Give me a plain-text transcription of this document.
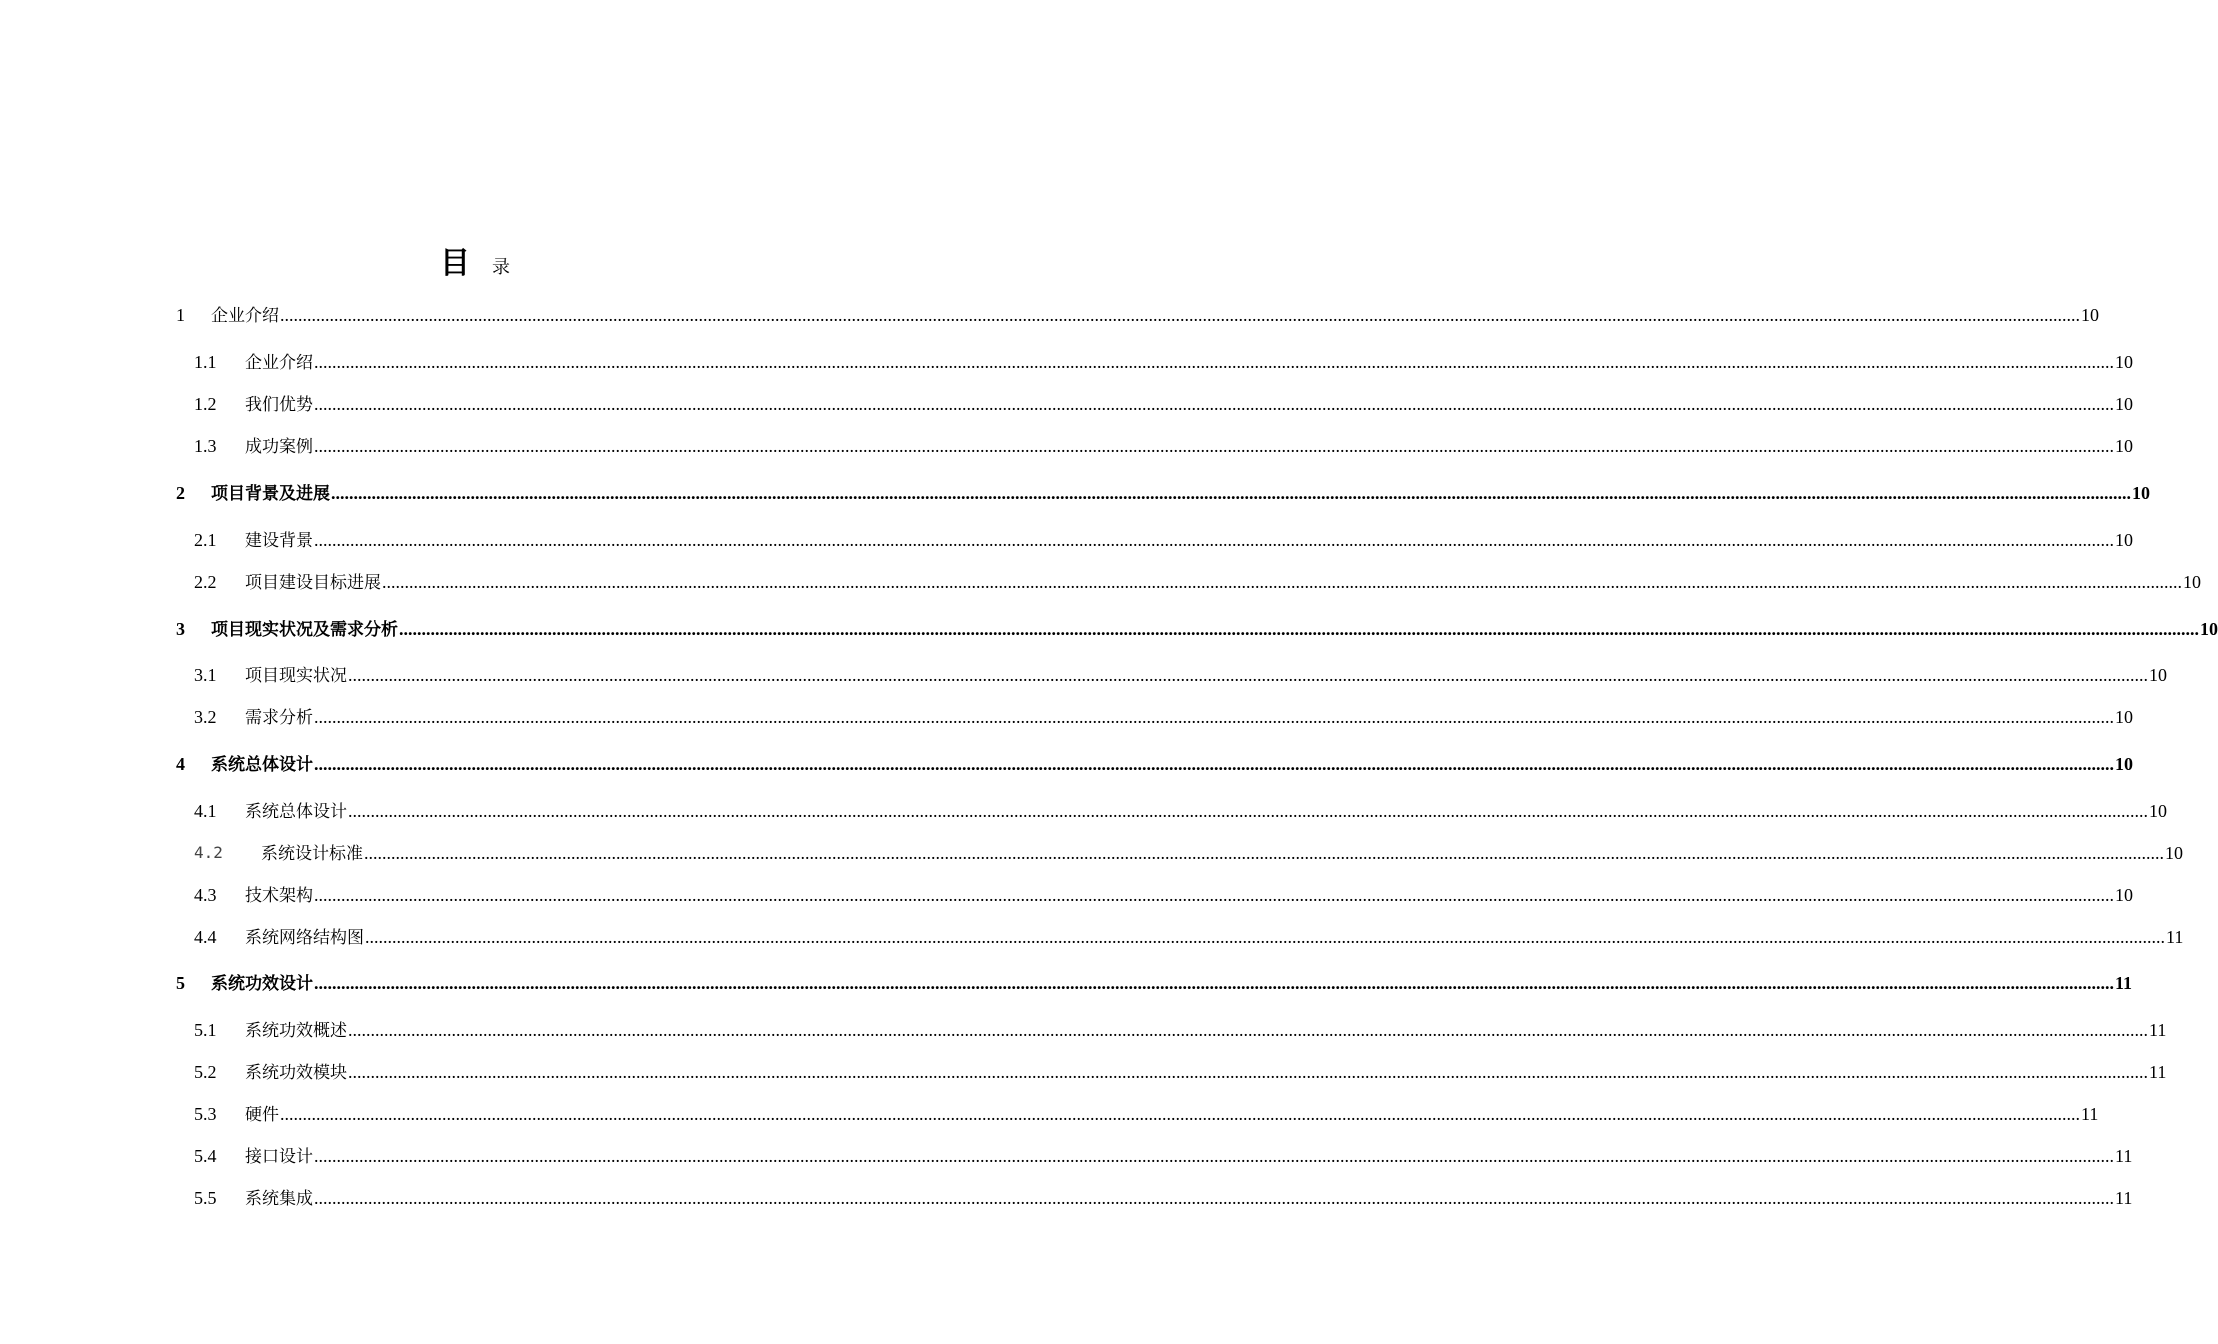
目 录
1 企业介绍 ................................................................................................................................................................................................................................................................................................................................................................................................................ 10
1.1 企业介绍 ................................................................................................................................................................................................................................................................................................................................................................................................................ 10
1.2 我们优势 ................................................................................................................................................................................................................................................................................................................................................................................................................ 10
1.3 成功案例 ................................................................................................................................................................................................................................................................................................................................................................................................................ 10
2 项目背景及进展 ................................................................................................................................................................................................................................................................................................................................................................................................................ 10
2.1 建设背景 ................................................................................................................................................................................................................................................................................................................................................................................................................ 10
2.2 项目建设目标进展 ................................................................................................................................................................................................................................................................................................................................................................................................................ 10
3 项目现实状况及需求分析 ................................................................................................................................................................................................................................................................................................................................................................................................................ 10
3.1 项目现实状况 ................................................................................................................................................................................................................................................................................................................................................................................................................ 10
3.2 需求分析 ................................................................................................................................................................................................................................................................................................................................................................................................................ 10
4 系统总体设计 ................................................................................................................................................................................................................................................................................................................................................................................................................ 10
4.1 系统总体设计 ................................................................................................................................................................................................................................................................................................................................................................................................................ 10
4.2 系统设计标准 ................................................................................................................................................................................................................................................................................................................................................................................................................ 10
4.3 技术架构 ................................................................................................................................................................................................................................................................................................................................................................................................................ 10
4.4 系统网络结构图 ................................................................................................................................................................................................................................................................................................................................................................................................................ 11
5 系统功效设计 ................................................................................................................................................................................................................................................................................................................................................................................................................ 11
5.1 系统功效概述 ................................................................................................................................................................................................................................................................................................................................................................................................................ 11
5.2 系统功效模块 ................................................................................................................................................................................................................................................................................................................................................................................................................ 11
5.3 硬件 ................................................................................................................................................................................................................................................................................................................................................................................................................ 11
5.4 接口设计 ................................................................................................................................................................................................................................................................................................................................................................................................................ 11
5.5 系统集成 ................................................................................................................................................................................................................................................................................................................................................................................................................ 11
